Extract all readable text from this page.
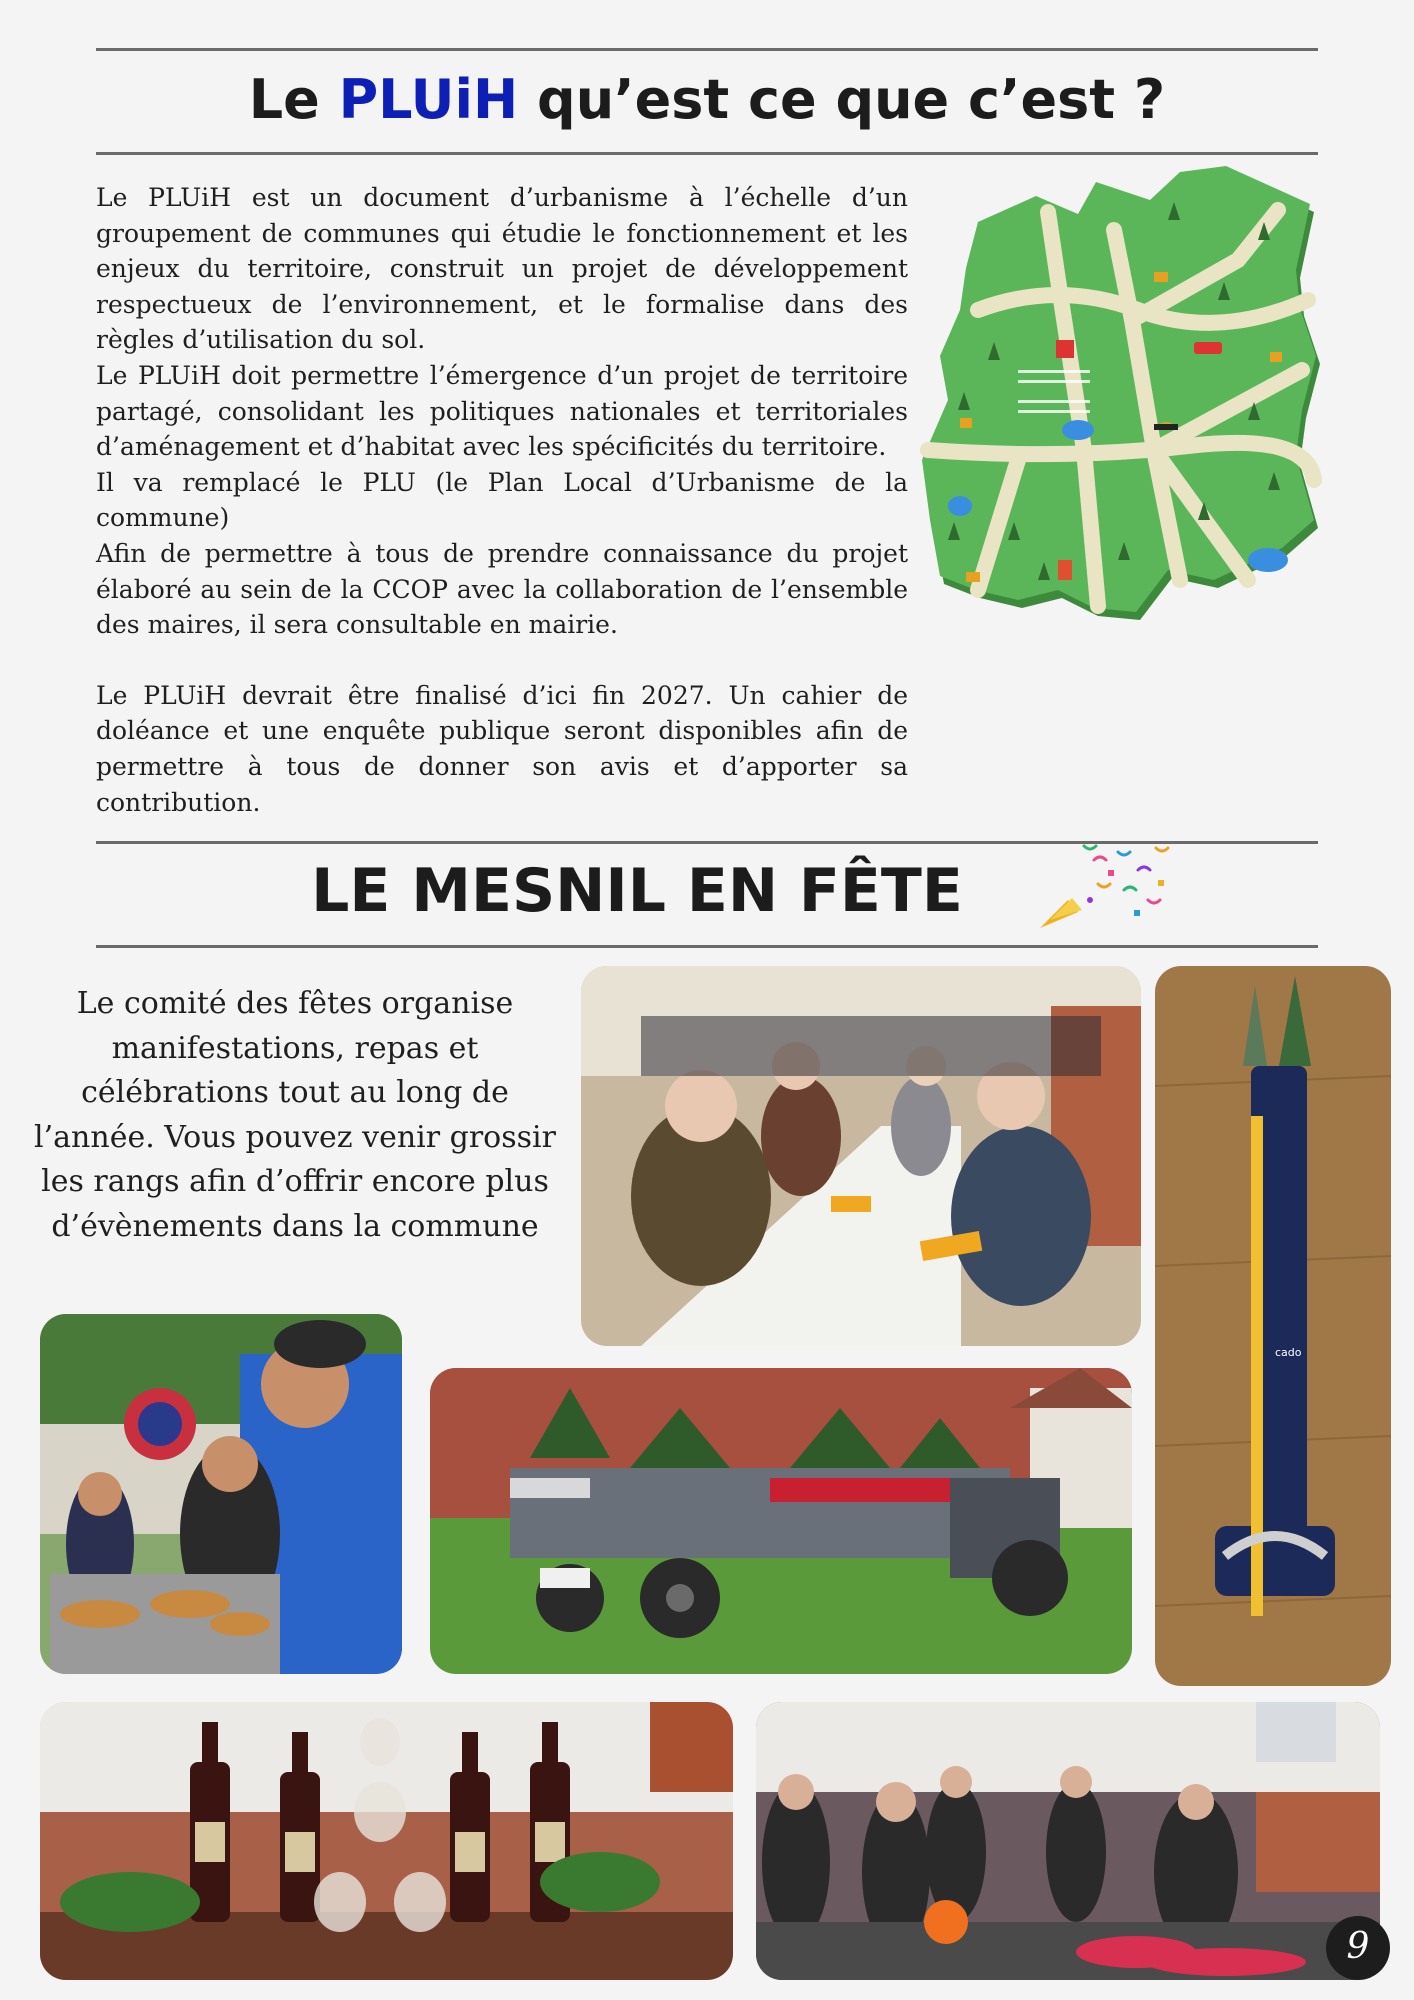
Le PLUiH qu’est ce que c’est ?

Le PLUiH est un document d’urbanisme à l’échelle d’un groupement de communes qui étudie le fonctionnement et les enjeux du territoire, construit un projet de développement respectueux de l’environnement, et le formalise dans des règles d’utilisation du sol.

Le PLUiH doit permettre l’émergence d’un projet de territoire partagé, consolidant les politiques nationales et territoriales d’aménagement et d’habitat avec les spécificités du territoire.

Il va remplacé le PLU (le Plan Local d’Urbanisme de la commune)

Afin de permettre à tous de prendre connaissance du projet élaboré au sein de la CCOP avec la collaboration de l’ensemble des maires, il sera consultable en mairie.

Le PLUiH devrait être finalisé d’ici fin 2027. Un cahier de doléance et une enquête publique seront disponibles afin de permettre à tous de donner son avis et d’apporter sa contribution.

LE MESNIL EN FÊTE
Le comité des fêtes organise manifestations, repas et célébrations tout au long de l’année. Vous pouvez venir grossir les rangs afin d’offrir encore plus d’évènements dans la commune
cado
9
